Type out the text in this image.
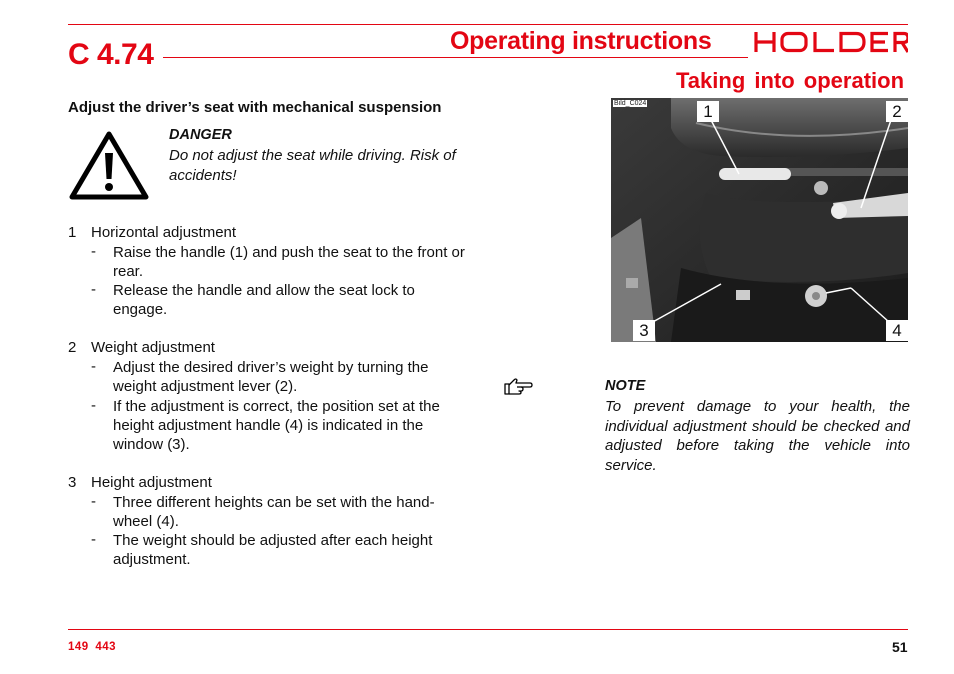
C 4.74	Operating instructions
Taking into operation
Adjust the driver’s seat with mechanical suspension
DANGER
Do not adjust the seat while driving. Risk of accidents!
1 Horizontal adjustment
- Raise the handle (1) and push the seat to the front or rear.
- Release the handle and allow the seat lock to engage.
2 Weight adjustment
- Adjust the desired driver’s weight by turning the weight adjustment lever (2).
- If the adjustment is correct, the position set at the height adjustment handle (4) is indicated in the window (3).
3 Height adjustment
- Three different heights can be set with the hand-wheel (4).
- The weight should be adjusted after each height adjustment.
Bild_C024	1	2
3	4
NOTE
To prevent damage to your health, the individual adjustment should be checked and adjusted before taking the vehicle into service.
149 443	51
